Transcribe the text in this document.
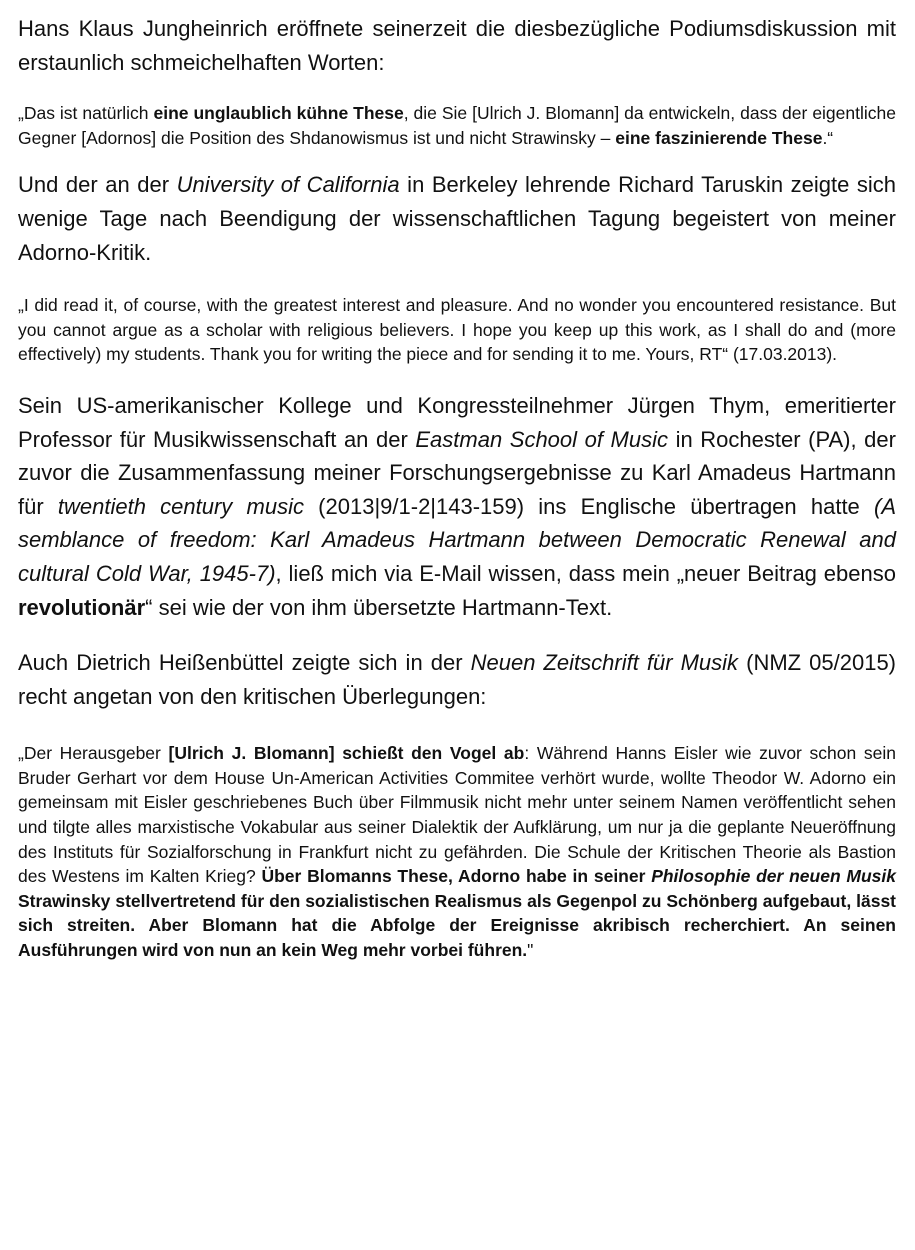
Hans Klaus Jungheinrich eröffnete seinerzeit die diesbezügliche Podiumsdiskussion mit erstaunlich schmeichelhaften Worten:

„Das ist natürlich eine unglaublich kühne These, die Sie [Ulrich J. Blomann] da entwickeln, dass der eigentliche Gegner [Adornos] die Position des Shdanowismus ist und nicht Strawinsky – eine faszinierende These.“

Und der an der University of California in Berkeley lehrende Richard Taruskin zeigte sich wenige Tage nach Beendigung der wissenschaftlichen Tagung begeistert von meiner Adorno-Kritik.

„I did read it, of course, with the greatest interest and pleasure. And no wonder you encountered resistance. But you cannot argue as a scholar with religious believers. I hope you keep up this work, as I shall do and (more effectively) my students. Thank you for writing the piece and for sending it to me. Yours, RT“ (17.03.2013).

Sein US-amerikanischer Kollege und Kongressteilnehmer Jürgen Thym, emeritierter Professor für Musikwissenschaft an der Eastman School of Music in Rochester (PA), der zuvor die Zusammenfassung meiner Forschungsergebnisse zu Karl Amadeus Hartmann für twentieth century music (2013|9/1-2|143-159) ins Englische übertragen hatte (A semblance of freedom: Karl Amadeus Hartmann between Democratic Renewal and cultural Cold War, 1945-7), ließ mich via E-Mail wissen, dass mein „neuer Beitrag ebenso revolutionär“ sei wie der von ihm übersetzte Hartmann-Text.

Auch Dietrich Heißenbüttel zeigte sich in der Neuen Zeitschrift für Musik (NMZ 05/2015) recht angetan von den kritischen Überlegungen:

„Der Herausgeber [Ulrich J. Blomann] schießt den Vogel ab: Während Hanns Eisler wie zuvor schon sein Bruder Gerhart vor dem House Un-American Activities Commitee verhört wurde, wollte Theodor W. Adorno ein gemeinsam mit Eisler geschriebenes Buch über Filmmusik nicht mehr unter seinem Namen veröffentlicht sehen und tilgte alles marxistische Vokabular aus seiner Dialektik der Aufklärung, um nur ja die geplante Neueröffnung des Instituts für Sozialforschung in Frankfurt nicht zu gefährden. Die Schule der Kritischen Theorie als Bastion des Westens im Kalten Krieg? Über Blomanns These, Adorno habe in seiner Philosophie der neuen Musik Strawinsky stellvertretend für den sozialistischen Realismus als Gegenpol zu Schönberg aufgebaut, lässt sich streiten. Aber Blomann hat die Abfolge der Ereignisse akribisch recherchiert. An seinen Ausführungen wird von nun an kein Weg mehr vorbei führen."
